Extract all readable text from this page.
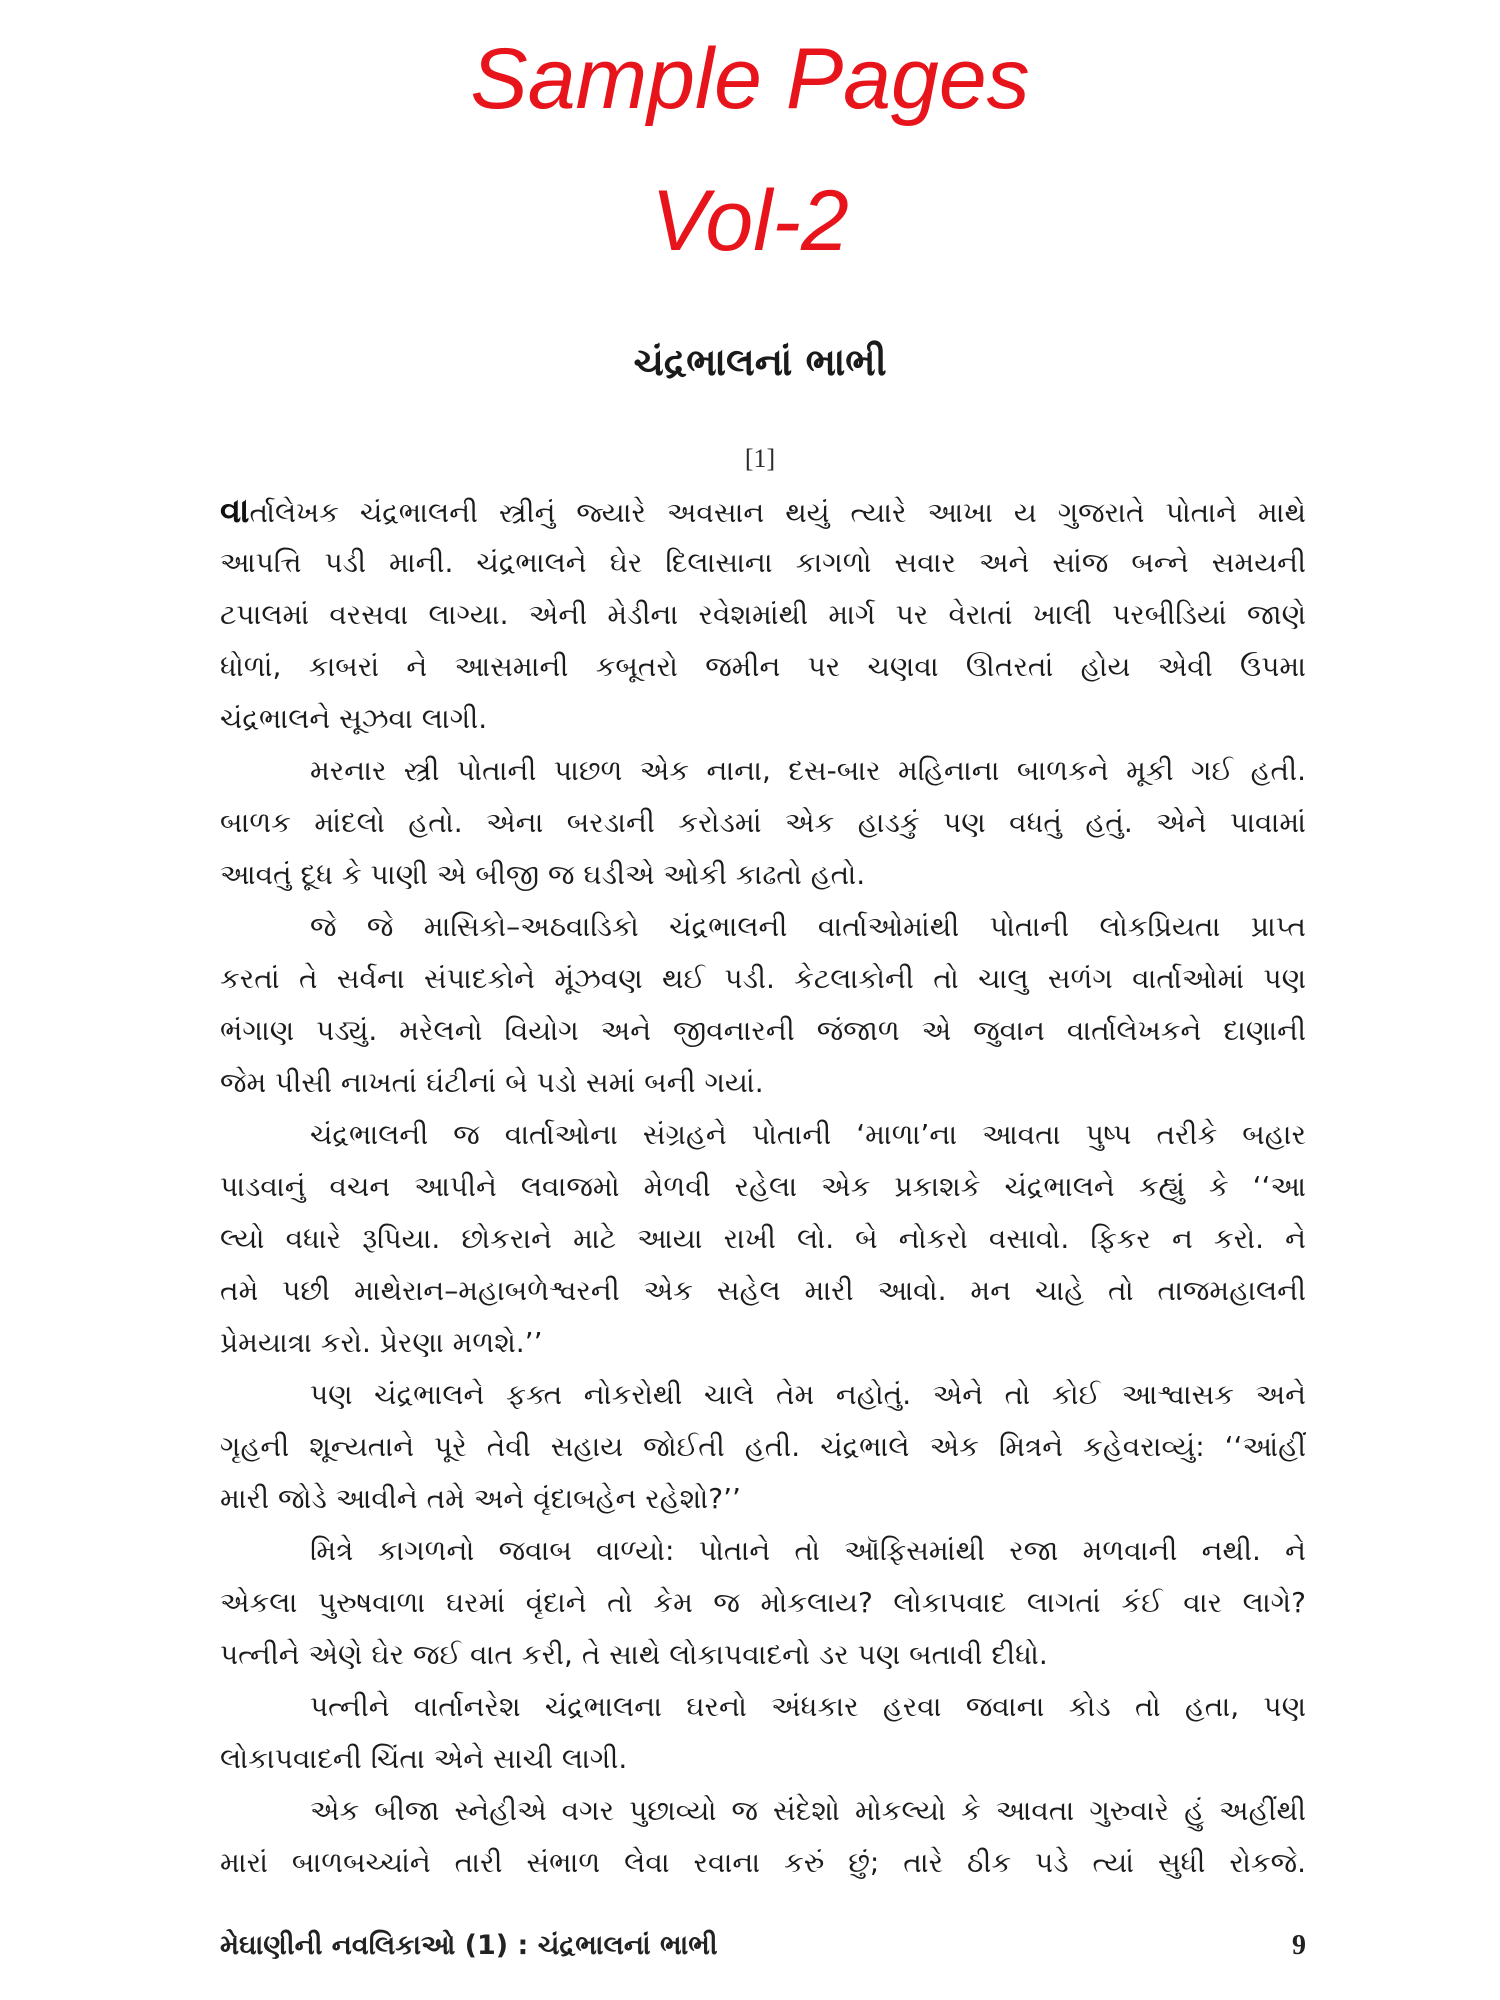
Sample Pages
Vol-2
ચંદ્રભાલનાં ભાભી
[1]
વાર્તાલેખક ચંદ્રભાલની સ્ત્રીનું જ્યારે અવસાન થયું ત્યારે આખા ય ગુજરાતે પોતાને માથે
આપત્તિ પડી માની. ચંદ્રભાલને ઘેર દિલાસાના કાગળો સવાર અને સાંજ બન્ને સમયની
ટપાલમાં વરસવા લાગ્યા. એની મેડીના રવેશમાંથી માર્ગ પર વેરાતાં ખાલી પરબીડિયાં જાણે
ધોળાં, કાબરાં ને આસમાની કબૂતરો જમીન પર ચણવા ઊતરતાં હોય એવી ઉપમા
ચંદ્રભાલને સૂઝવા લાગી.
મરનાર સ્ત્રી પોતાની પાછળ એક નાના, દસ-બાર મહિનાના બાળકને મૂકી ગઈ હતી.
બાળક માંદલો હતો. એના બરડાની કરોડમાં એક હાડકું પણ વધતું હતું. એને પાવામાં
આવતું દૂધ કે પાણી એ બીજી જ ઘડીએ ઓકી કાઢતો હતો.
જે જે માસિકો–અઠવાડિકો ચંદ્રભાલની વાર્તાઓમાંથી પોતાની લોકપ્રિયતા પ્રાપ્ત
કરતાં તે સર્વના સંપાદકોને મૂંઝવણ થઈ પડી. કેટલાકોની તો ચાલુ સળંગ વાર્તાઓમાં પણ
ભંગાણ પડ્યું. મરેલનો વિયોગ અને જીવનારની જંજાળ એ જુવાન વાર્તાલેખકને દાણાની
જેમ પીસી નાખતાં ઘંટીનાં બે પડો સમાં બની ગયાં.
ચંદ્રભાલની જ વાર્તાઓના સંગ્રહને પોતાની ‘માળા’ના આવતા પુષ્પ તરીકે બહાર
પાડવાનું વચન આપીને લવાજમો મેળવી રહેલા એક પ્રકાશકે ચંદ્રભાલને કહ્યું કે ‘‘આ
લ્યો વધારે રૂપિયા. છોકરાને માટે આયા રાખી લો. બે નોકરો વસાવો. ફિકર ન કરો. ને
તમે પછી માથેરાન–મહાબળેશ્વરની એક સહેલ મારી આવો. મન ચાહે તો તાજમહાલની
પ્રેમયાત્રા કરો. પ્રેરણા મળશે.’’
પણ ચંદ્રભાલને ફક્ત નોકરોથી ચાલે તેમ નહોતું. એને તો કોઈ આશ્વાસક અને
ગૃહની શૂન્યતાને પૂરે તેવી સહાય જોઈતી હતી. ચંદ્રભાલે એક મિત્રને કહેવરાવ્યું: ‘‘આંહીં
મારી જોડે આવીને તમે અને વૃંદાબહેન રહેશો?’’
મિત્રે કાગળનો જવાબ વાળ્યો: પોતાને તો ઑફિસમાંથી રજા મળવાની નથી. ને
એકલા પુરુષવાળા ઘરમાં વૃંદાને તો કેમ જ મોકલાય? લોકાપવાદ લાગતાં કંઈ વાર લાગે?
પત્નીને એણે ઘેર જઈ વાત કરી, તે સાથે લોકાપવાદનો ડર પણ બતાવી દીધો.
પત્નીને વાર્તાનરેશ ચંદ્રભાલના ઘરનો અંધકાર હરવા જવાના કોડ તો હતા, પણ
લોકાપવાદની ચિંતા એને સાચી લાગી.
એક બીજા સ્નેહીએ વગર પુછાવ્યો જ સંદેશો મોકલ્યો કે આવતા ગુરુવારે હું અહીંથી
મારાં બાળબચ્ચાંને તારી સંભાળ લેવા રવાના કરું છું; તારે ઠીક પડે ત્યાં સુધી રોકજે.
મેઘાણીની નવલિકાઓ (1) : ચંદ્રભાલનાં ભાભી	9
